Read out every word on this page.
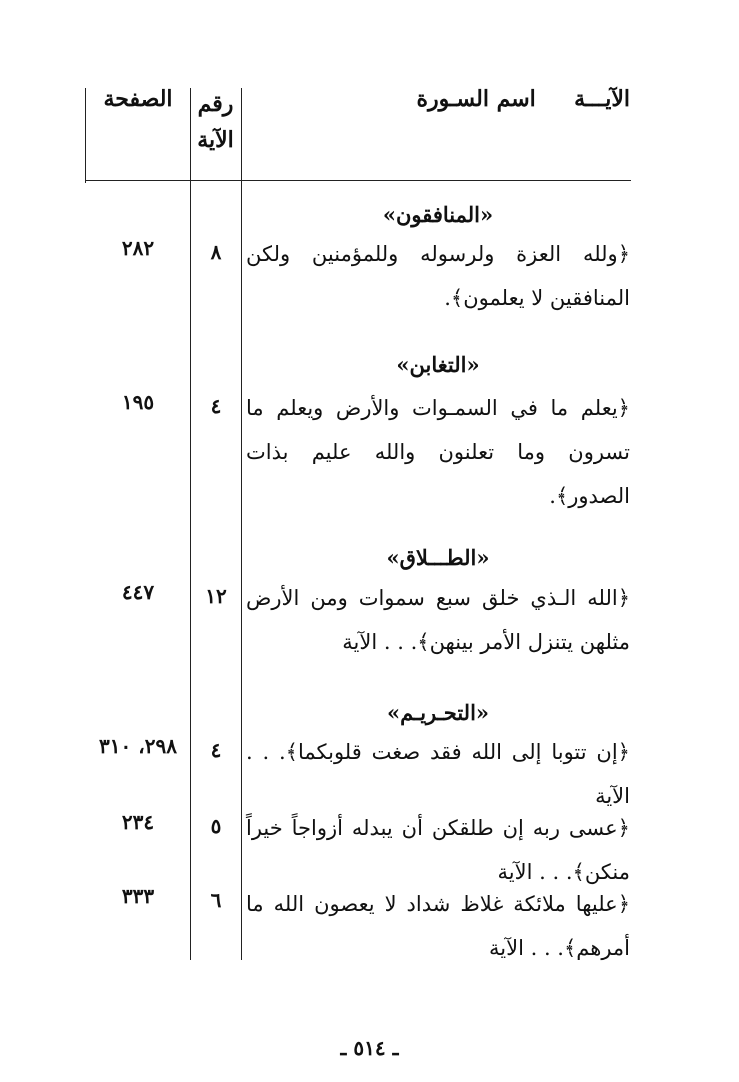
الصفحة	رقم الآية
الآيـــة     اسم السـورة
«المنافقون»
﴿ولله العزة ولرسوله وللمؤمنين ولكن المنافقين لا يعلمون﴾.
٨
٢٨٢
«التغابن»
﴿يعلم ما في السمـوات والأرض ويعلم ما تسرون وما تعلنون والله عليم بذات الصدور﴾.
٤
١٩٥
«الطـــلاق»
﴿الله الـذي خلق سبع سموات ومن الأرض مثلهن يتنزل الأمر بينهن﴾. . . الآية
١٢
٤٤٧
«التحـريـم»
﴿إن تتوبا إلى الله فقد صغت قلوبكما﴾. . . الآية
٤
٢٩٨، ٣١٠
﴿عسى ربه إن طلقكن أن يبدله أزواجاً خيراً منكن﴾. . . الآية
٥
٢٣٤
﴿عليها ملائكة غلاظ شداد لا يعصون الله ما أمرهم﴾. . . الآية
٦
٣٣٣
ـ ٥١٤ ـ
